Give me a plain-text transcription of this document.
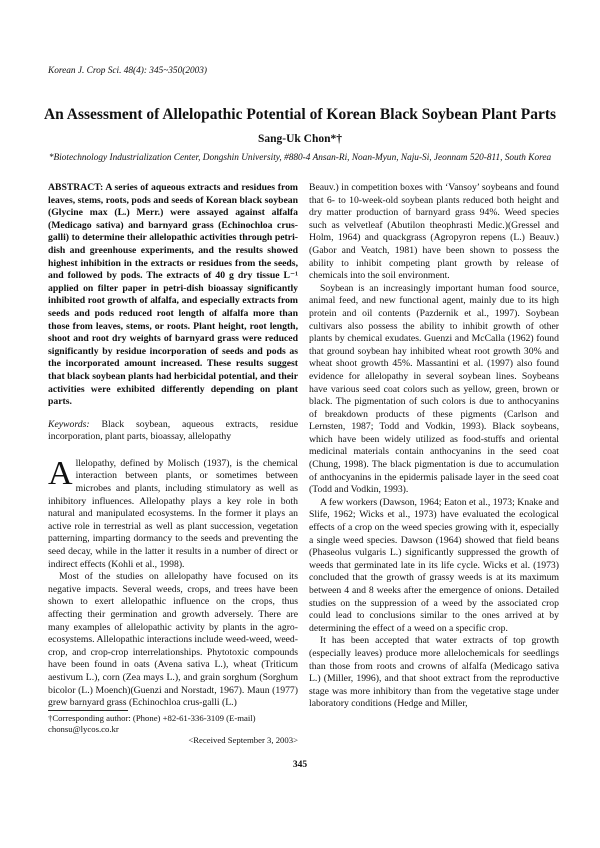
Korean J. Crop Sci. 48(4): 345~350(2003)
An Assessment of Allelopathic Potential of Korean Black Soybean Plant Parts
Sang-Uk Chon*†
*Biotechnology Industrialization Center, Dongshin University, #880-4 Ansan-Ri, Noan-Myun, Naju-Si, Jeonnam 520-811, South Korea

ABSTRACT: A series of aqueous extracts and residues from leaves, stems, roots, pods and seeds of Korean black soybean (Glycine max (L.) Merr.) were assayed against alfalfa (Medicago sativa) and barnyard grass (Echinochloa crus-galli) to determine their allelopathic activities through petri-dish and greenhouse experiments, and the results showed highest inhibition in the extracts or residues from the seeds, and followed by pods. The extracts of 40 g dry tissue L⁻¹ applied on filter paper in petri-dish bioassay significantly inhibited root growth of alfalfa, and especially extracts from seeds and pods reduced root length of alfalfa more than those from leaves, stems, or roots. Plant height, root length, shoot and root dry weights of barnyard grass were reduced significantly by residue incorporation of seeds and pods as the incorporated amount increased. These results suggest that black soybean plants had herbicidal potential, and their activities were exhibited differently depending on plant parts.

Keywords: Black soybean, aqueous extracts, residue incorporation, plant parts, bioassay, allelopathy

Allelopathy, defined by Molisch (1937), is the chemical interaction between plants, or sometimes between microbes and plants, including stimulatory as well as inhibitory influences. Allelopathy plays a key role in both natural and manipulated ecosystems. In the former it plays an active role in terrestrial as well as plant succession, vegetation patterning, imparting dormancy to the seeds and preventing the seed decay, while in the latter it results in a number of direct or indirect effects (Kohli et al., 1998).

Most of the studies on allelopathy have focused on its negative impacts. Several weeds, crops, and trees have been shown to exert allelopathic influence on the crops, thus affecting their germination and growth adversely. There are many examples of allelopathic activity by plants in the agro-ecosystems. Allelopathic interactions include weed-weed, weed-crop, and crop-crop interrelationships. Phytotoxic compounds have been found in oats (Avena sativa L.), wheat (Triticum aestivum L.), corn (Zea mays L.), and grain sorghum (Sorghum bicolor (L.) Moench)(Guenzi and Norstadt, 1967). Maun (1977) grew barnyard grass (Echinochloa crus-galli (L.)

†Corresponding author: (Phone) +82-61-336-3109 (E-mail) chonsu@lycos.co.kr
<Received September 3, 2003>

Beauv.) in competition boxes with ‘Vansoy’ soybeans and found that 6- to 10-week-old soybean plants reduced both height and dry matter production of barnyard grass 94%. Weed species such as velvetleaf (Abutilon theophrasti Medic.)(Gressel and Holm, 1964) and quackgrass (Agropyron repens (L.) Beauv.)(Gabor and Veatch, 1981) have been shown to possess the ability to inhibit competing plant growth by release of chemicals into the soil environment.

Soybean is an increasingly important human food source, animal feed, and new functional agent, mainly due to its high protein and oil contents (Pazdernik et al., 1997). Soybean cultivars also possess the ability to inhibit growth of other plants by chemical exudates. Guenzi and McCalla (1962) found that ground soybean hay inhibited wheat root growth 30% and wheat shoot growth 45%. Massantini et al. (1997) also found evidence for allelopathy in several soybean lines. Soybeans have various seed coat colors such as yellow, green, brown or black. The pigmentation of such colors is due to anthocyanins of breakdown products of these pigments (Carlson and Lernsten, 1987; Todd and Vodkin, 1993). Black soybeans, which have been widely utilized as food-stuffs and oriental medicinal materials contain anthocyanins in the seed coat (Chung, 1998). The black pigmentation is due to accumulation of anthocyanins in the epidermis palisade layer in the seed coat (Todd and Vodkin, 1993).

A few workers (Dawson, 1964; Eaton et al., 1973; Knake and Slife, 1962; Wicks et al., 1973) have evaluated the ecological effects of a crop on the weed species growing with it, especially a single weed species. Dawson (1964) showed that field beans (Phaseolus vulgaris L.) significantly suppressed the growth of weeds that germinated late in its life cycle. Wicks et al. (1973) concluded that the growth of grassy weeds is at its maximum between 4 and 8 weeks after the emergence of onions. Detailed studies on the suppression of a weed by the associated crop could lead to conclusions similar to the ones arrived at by determining the effect of a weed on a specific crop.

It has been accepted that water extracts of top growth (especially leaves) produce more allelochemicals for seedlings than those from roots and crowns of alfalfa (Medicago sativa L.) (Miller, 1996), and that shoot extract from the reproductive stage was more inhibitory than from the vegetative stage under laboratory conditions (Hedge and Miller,

345
